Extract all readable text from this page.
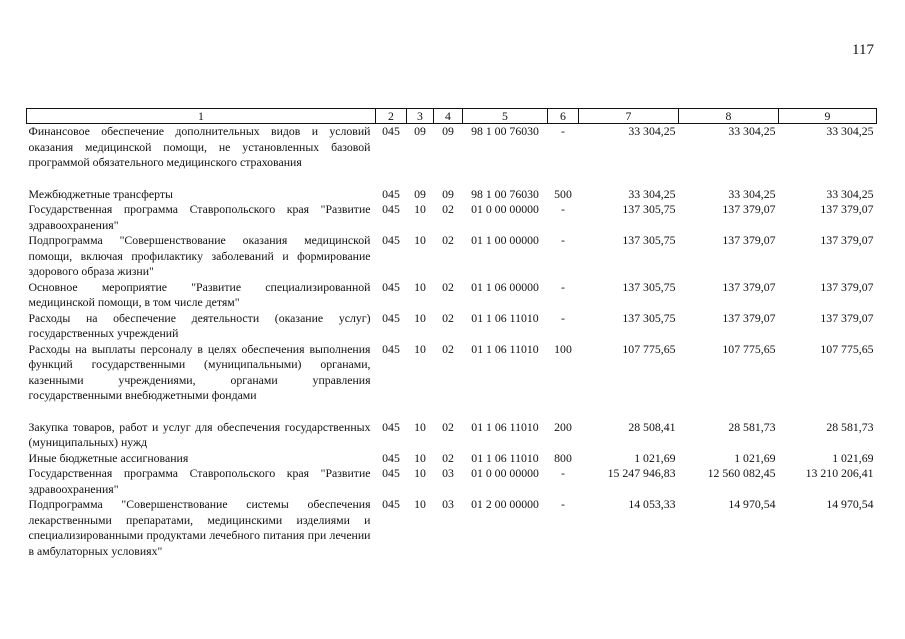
117
1	2	3	4	5	6	7	8	9
Финансовое обеспечение дополнительных видов и условий оказания медицинской помощи, не установленных базовой программой обязательного медицинского страхования	045	09	09	98 1 00 76030	-	33 304,25	33 304,25	33 304,25
Межбюджетные трансферты	045	09	09	98 1 00 76030	500	33 304,25	33 304,25	33 304,25
Государственная программа Ставропольского края "Развитие здравоохранения"	045	10	02	01 0 00 00000	-	137 305,75	137 379,07	137 379,07
Подпрограмма "Совершенствование оказания медицинской помощи, включая профилактику заболеваний и формирование здорового образа жизни"	045	10	02	01 1 00 00000	-	137 305,75	137 379,07	137 379,07
Основное мероприятие "Развитие специализированной медицинской помощи, в том числе детям"	045	10	02	01 1 06 00000	-	137 305,75	137 379,07	137 379,07
Расходы на обеспечение деятельности (оказание услуг) государственных учреждений	045	10	02	01 1 06 11010	-	137 305,75	137 379,07	137 379,07
Расходы на выплаты персоналу в целях обеспечения выполнения функций государственными (муниципальными) органами, казенными учреждениями, органами управления государственными внебюджетными фондами	045	10	02	01 1 06 11010	100	107 775,65	107 775,65	107 775,65
Закупка товаров, работ и услуг для обеспечения государственных (муниципальных) нужд	045	10	02	01 1 06 11010	200	28 508,41	28 581,73	28 581,73
Иные бюджетные ассигнования	045	10	02	01 1 06 11010	800	1 021,69	1 021,69	1 021,69
Государственная программа Ставропольского края "Развитие здравоохранения"	045	10	03	01 0 00 00000	-	15 247 946,83	12 560 082,45	13 210 206,41
Подпрограмма "Совершенствование системы обеспечения лекарственными препаратами, медицинскими изделиями и специализированными продуктами лечебного питания при лечении в амбулаторных условиях"	045	10	03	01 2 00 00000	-	14 053,33	14 970,54	14 970,54
